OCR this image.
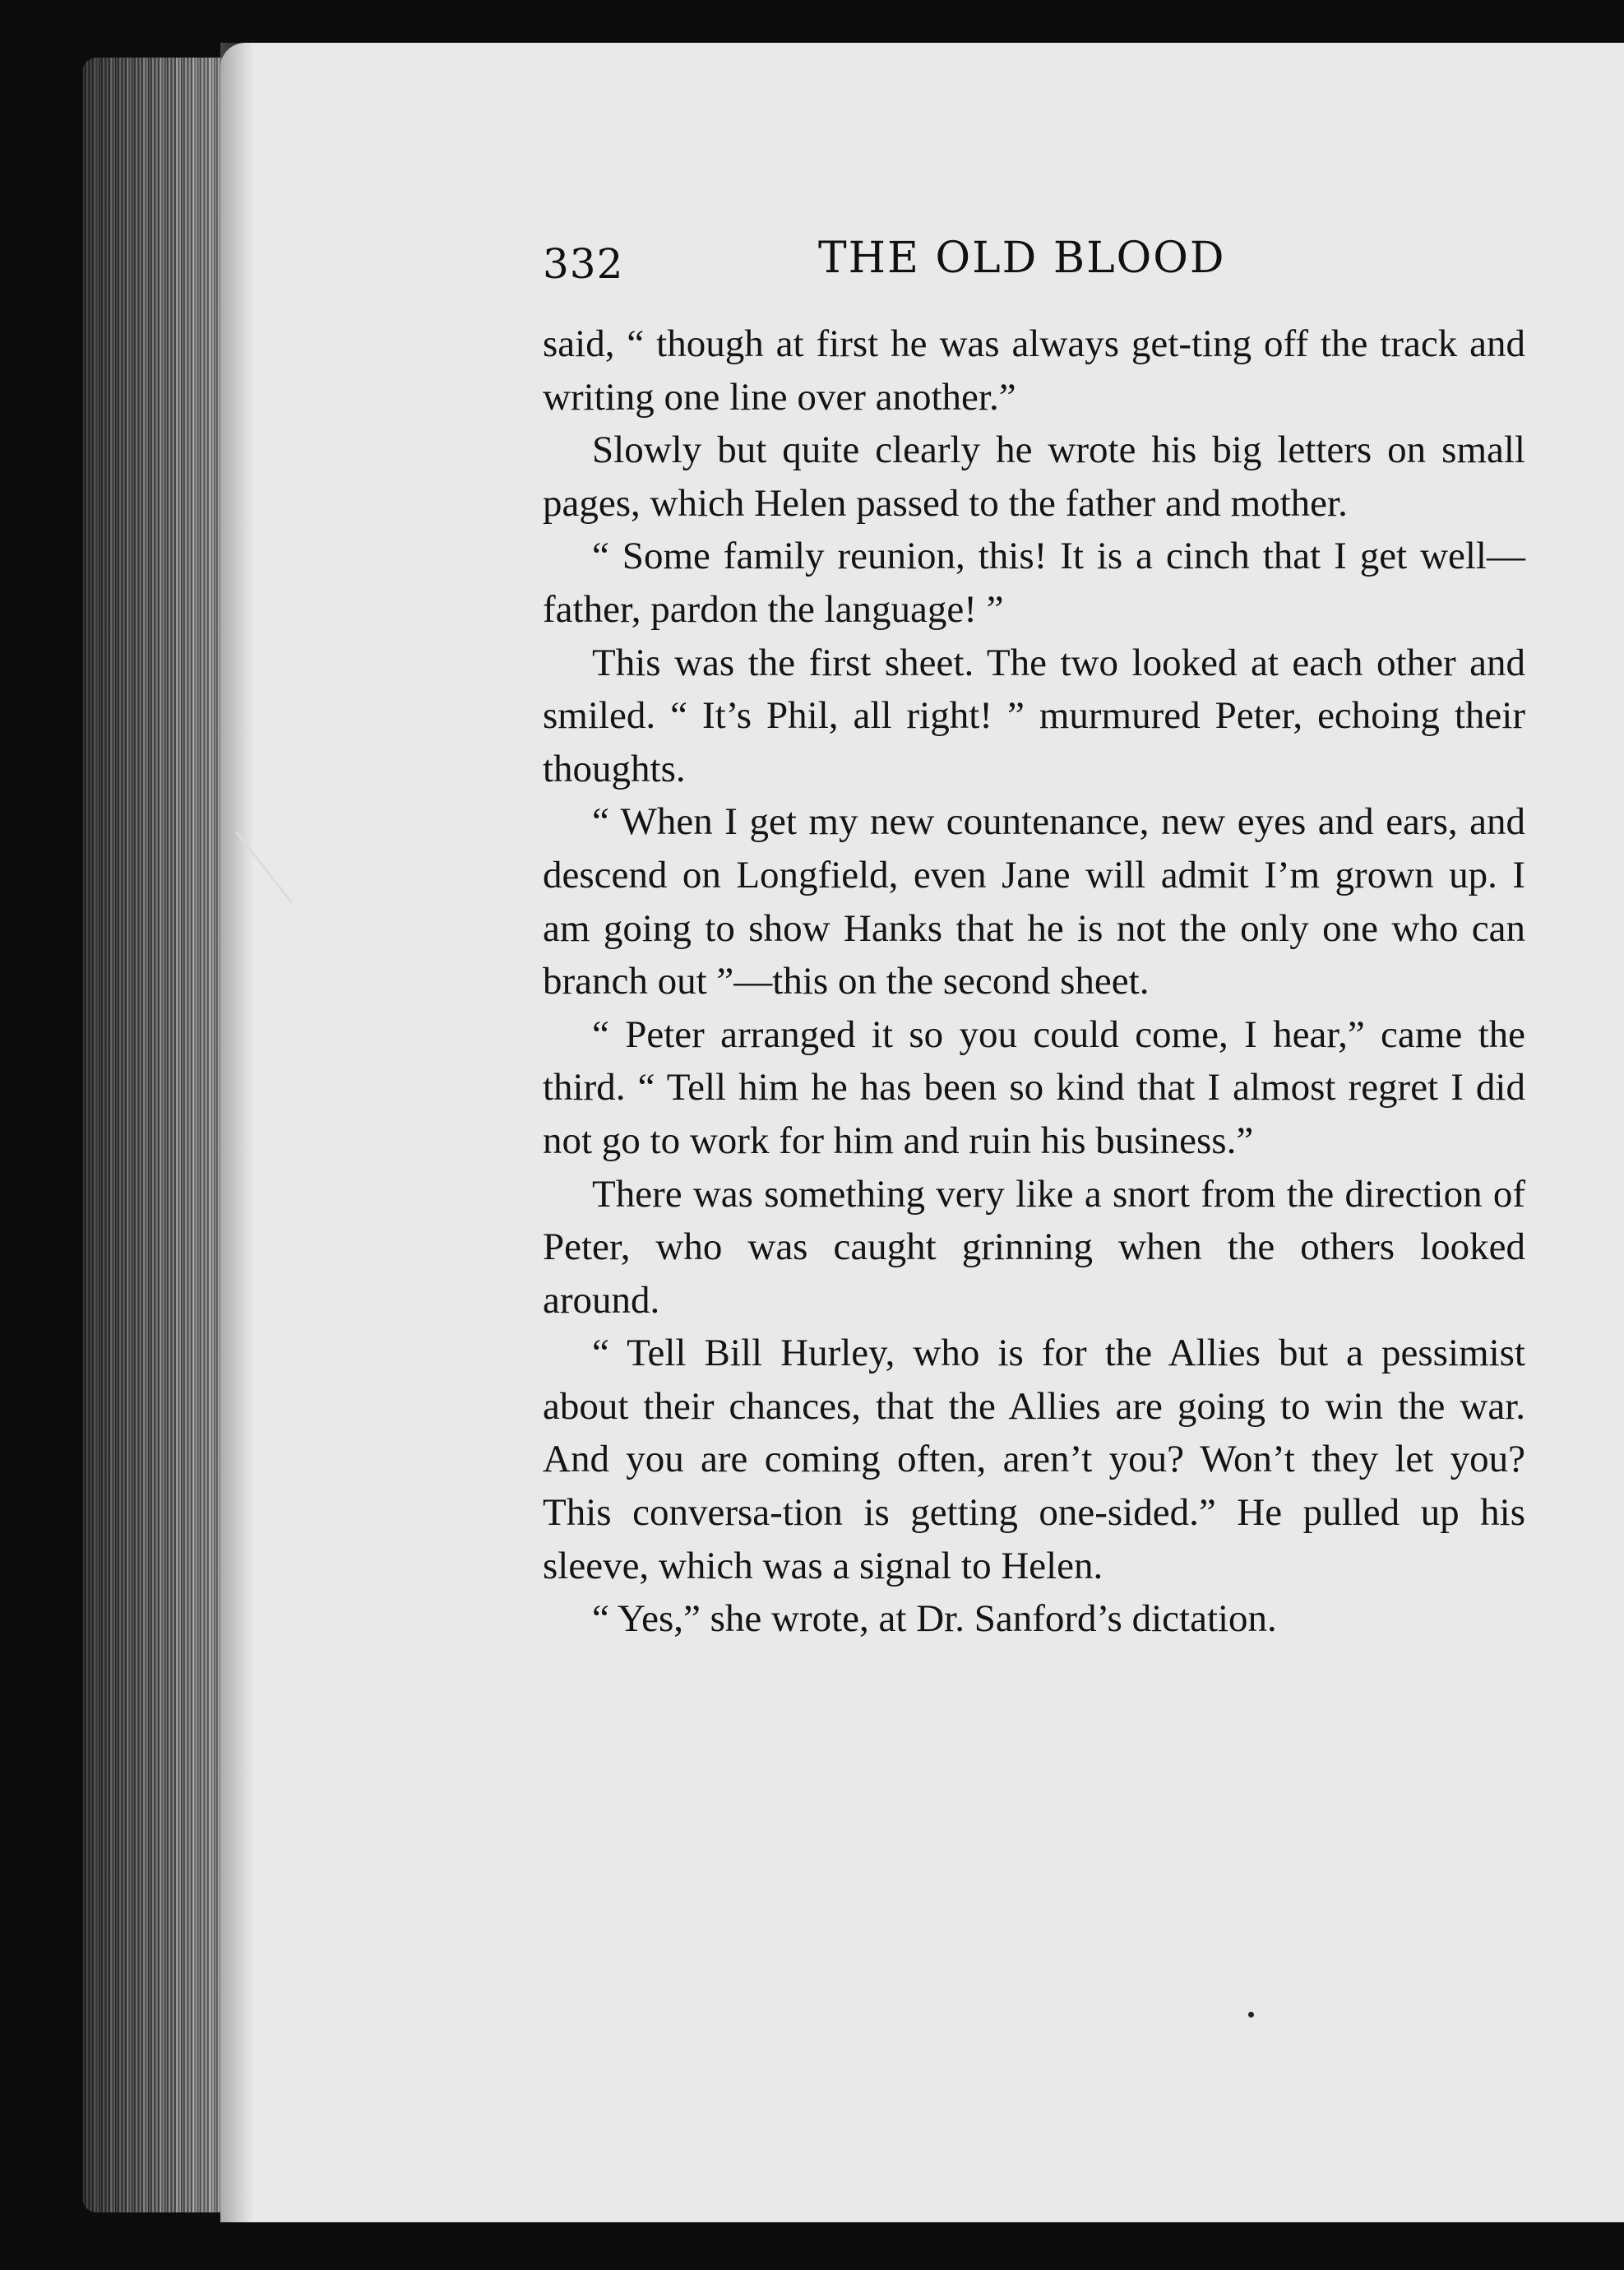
332	THE OLD BLOOD

said, “ though at first he was always get-ting off the track and writing one line over another.”

Slowly but quite clearly he wrote his big letters on small pages, which Helen passed to the father and mother.

“ Some family reunion, this! It is a cinch that I get well—father, pardon the language! ”

This was the first sheet. The two looked at each other and smiled. “ It’s Phil, all right! ” murmured Peter, echoing their thoughts.

“ When I get my new countenance, new eyes and ears, and descend on Longfield, even Jane will admit I’m grown up. I am going to show Hanks that he is not the only one who can branch out ”—this on the second sheet.

“ Peter arranged it so you could come, I hear,” came the third. “ Tell him he has been so kind that I almost regret I did not go to work for him and ruin his business.”

There was something very like a snort from the direction of Peter, who was caught grinning when the others looked around.

“ Tell Bill Hurley, who is for the Allies but a pessimist about their chances, that the Allies are going to win the war. And you are coming often, aren’t you? Won’t they let you? This conversa-tion is getting one-sided.” He pulled up his sleeve, which was a signal to Helen.

“ Yes,” she wrote, at Dr. Sanford’s dictation.
